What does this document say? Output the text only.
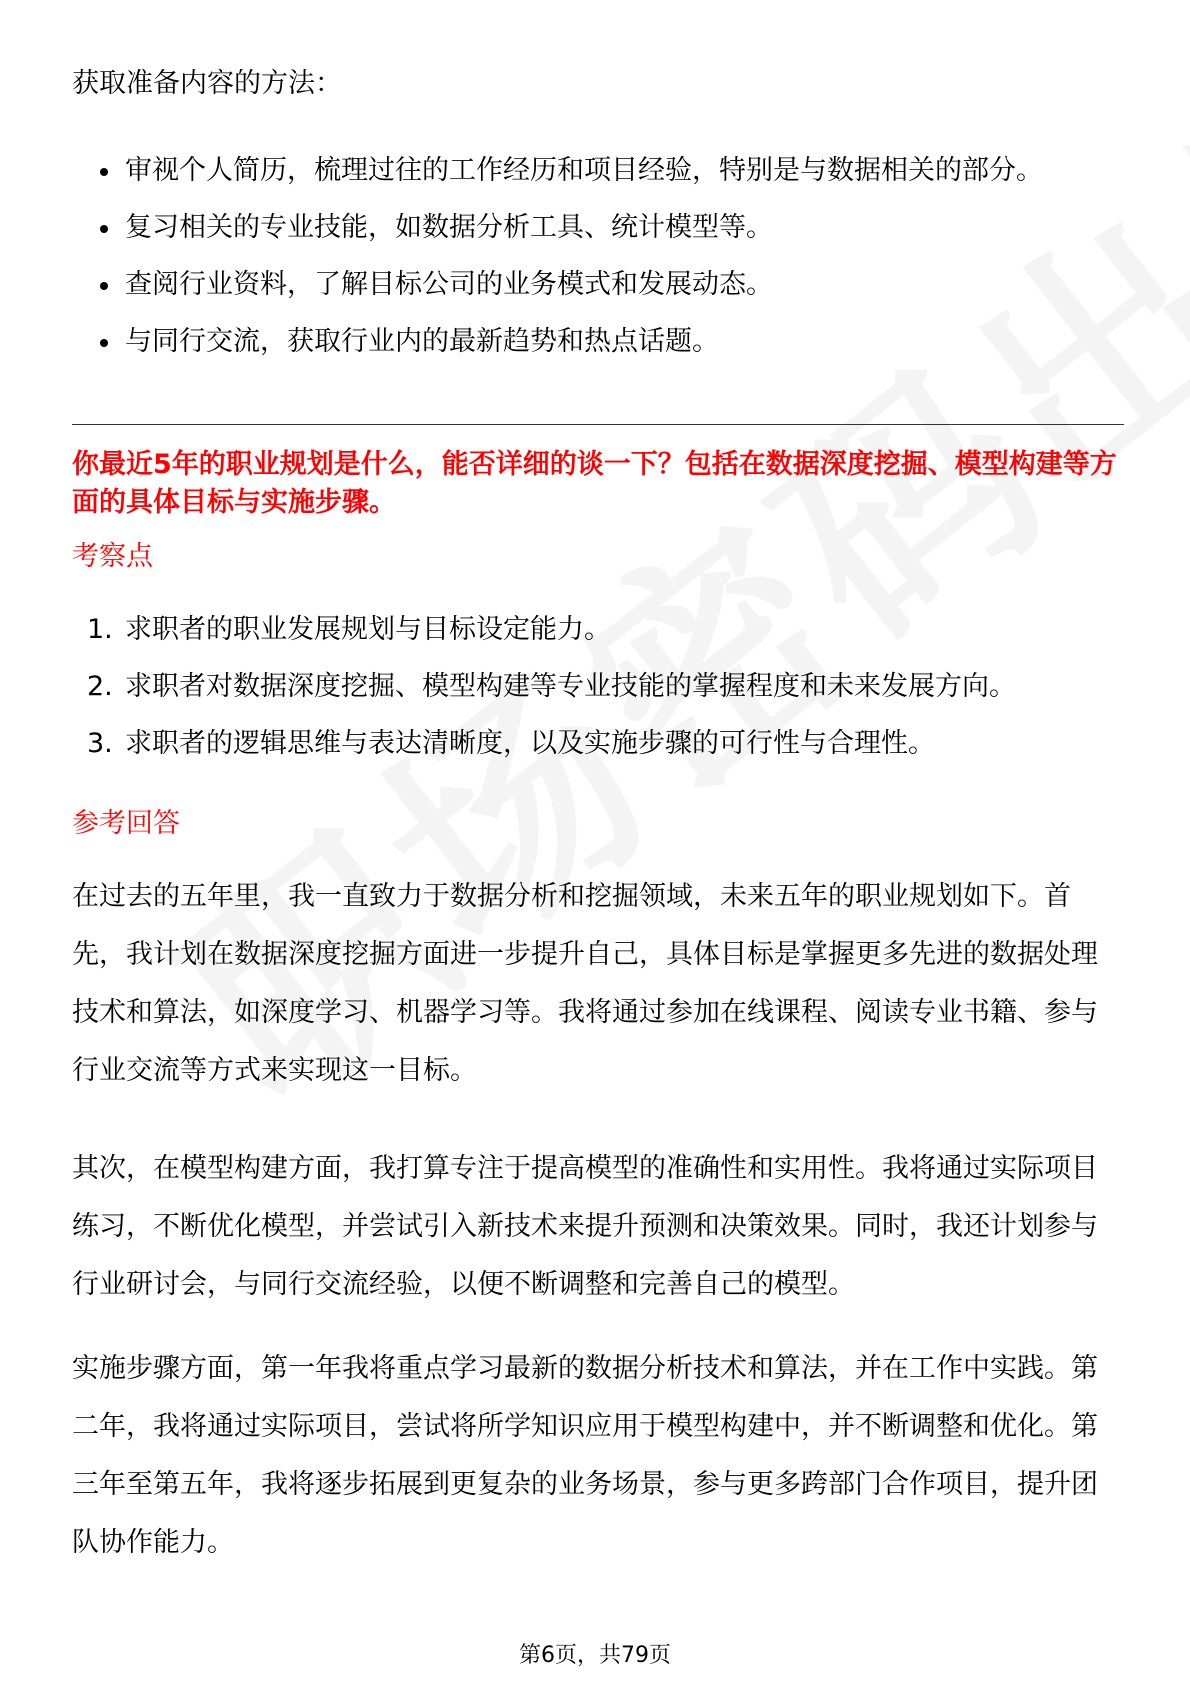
获取准备内容的方法：

审视个人简历，梳理过往的工作经历和项目经验，特别是与数据相关的部分。
复习相关的专业技能，如数据分析工具、统计模型等。
查阅行业资料，了解目标公司的业务模式和发展动态。
与同行交流，获取行业内的最新趋势和热点话题。

你最近5年的职业规划是什么，能否详细的谈一下？包括在数据深度挖掘、模型构建等方面的具体目标与实施步骤。

考察点

1. 求职者的职业发展规划与目标设定能力。
2. 求职者对数据深度挖掘、模型构建等专业技能的掌握程度和未来发展方向。
3. 求职者的逻辑思维与表达清晰度，以及实施步骤的可行性与合理性。

参考回答

在过去的五年里，我一直致力于数据分析和挖掘领域，未来五年的职业规划如下。首先，我计划在数据深度挖掘方面进一步提升自己，具体目标是掌握更多先进的数据处理技术和算法，如深度学习、机器学习等。我将通过参加在线课程、阅读专业书籍、参与行业交流等方式来实现这一目标。

其次，在模型构建方面，我打算专注于提高模型的准确性和实用性。我将通过实际项目练习，不断优化模型，并尝试引入新技术来提升预测和决策效果。同时，我还计划参与行业研讨会，与同行交流经验，以便不断调整和完善自己的模型。

实施步骤方面，第一年我将重点学习最新的数据分析技术和算法，并在工作中实践。第二年，我将通过实际项目，尝试将所学知识应用于模型构建中，并不断调整和优化。第三年至第五年，我将逐步拓展到更复杂的业务场景，参与更多跨部门合作项目，提升团队协作能力。

第6页，共79页
